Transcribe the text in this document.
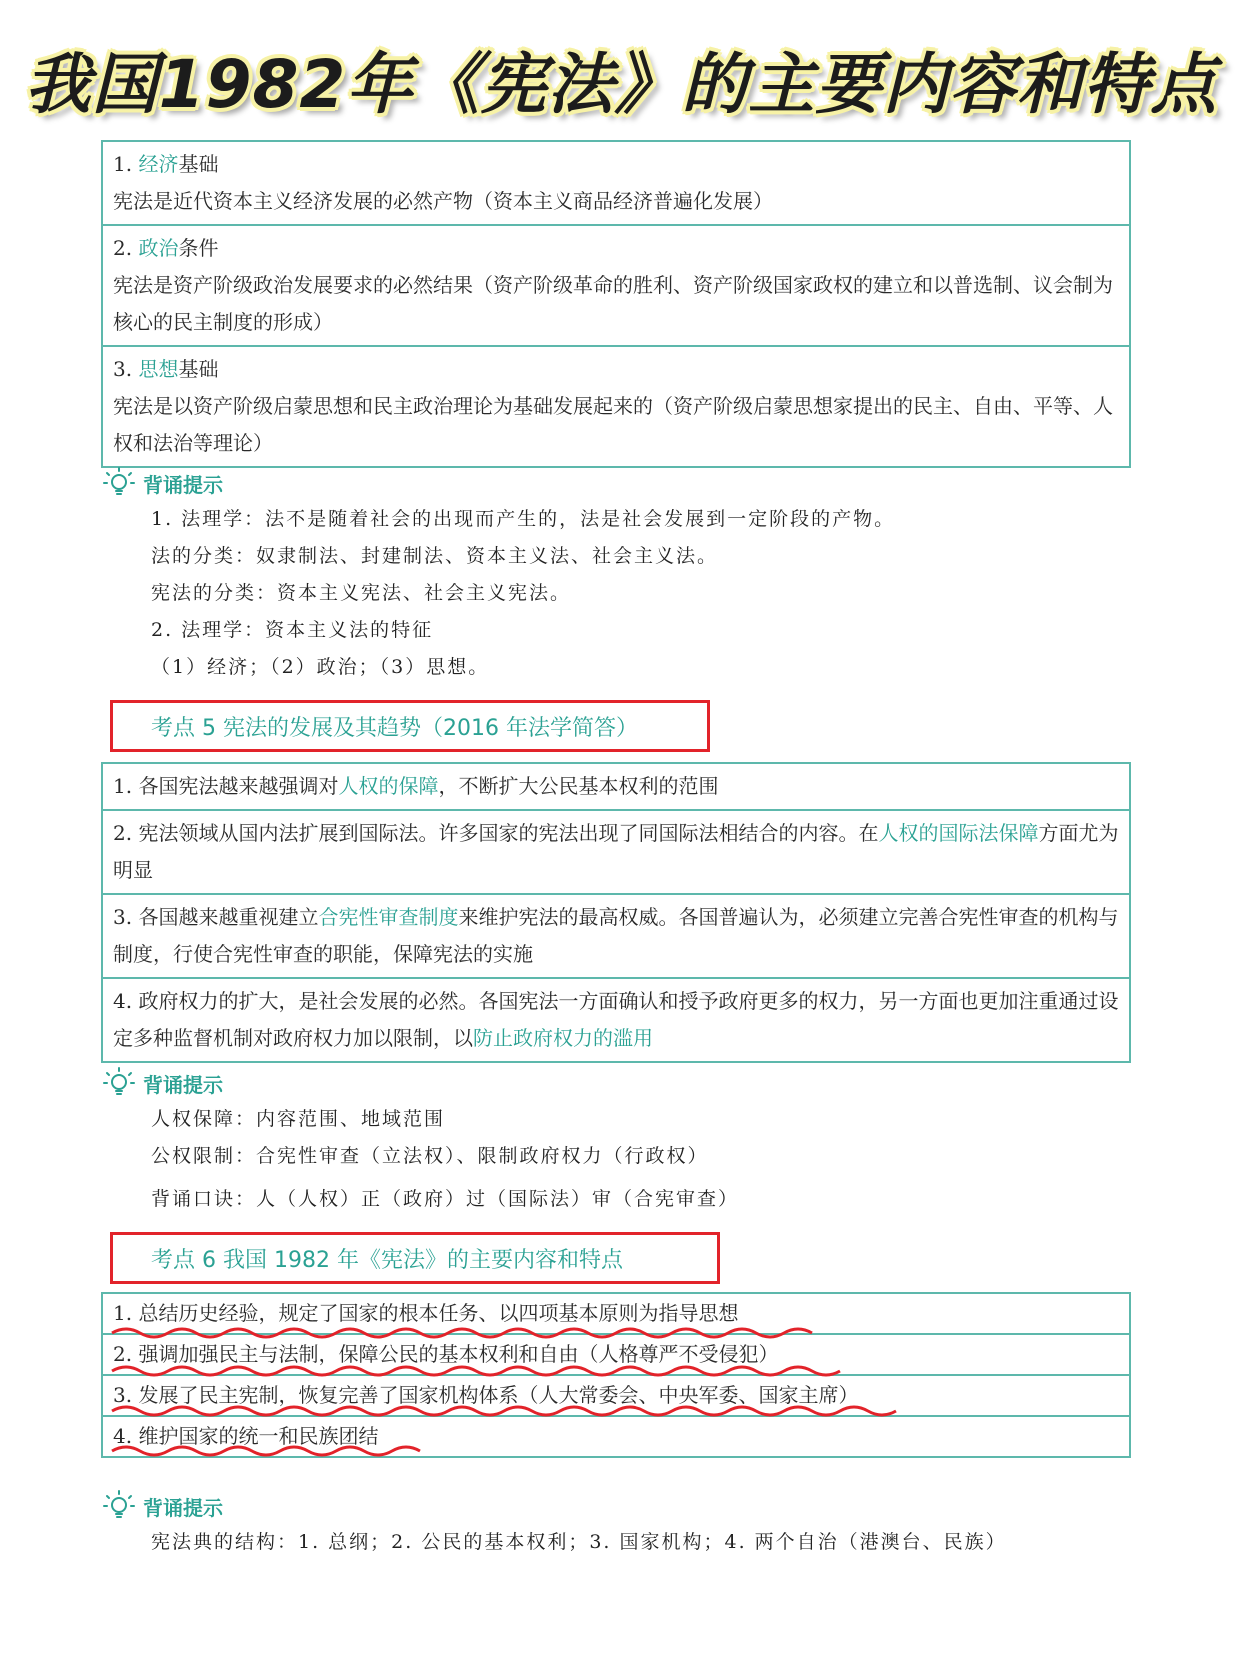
我国1982年《宪法》的主要内容和特点
1. 经济基础
宪法是近代资本主义经济发展的必然产物（资本主义商品经济普遍化发展）
2. 政治条件
宪法是资产阶级政治发展要求的必然结果（资产阶级革命的胜利、资产阶级国家政权的建立和以普选制、议会制为核心的民主制度的形成）
3. 思想基础
宪法是以资产阶级启蒙思想和民主政治理论为基础发展起来的（资产阶级启蒙思想家提出的民主、自由、平等、人权和法治等理论）
背诵提示
1. 法理学：法不是随着社会的出现而产生的，法是社会发展到一定阶段的产物。
法的分类：奴隶制法、封建制法、资本主义法、社会主义法。
宪法的分类：资本主义宪法、社会主义宪法。
2. 法理学：资本主义法的特征
（1）经济；（2）政治；（3）思想。
考点 5 宪法的发展及其趋势（2016 年法学简答）
1. 各国宪法越来越强调对人权的保障，不断扩大公民基本权利的范围
2. 宪法领域从国内法扩展到国际法。许多国家的宪法出现了同国际法相结合的内容。在人权的国际法保障方面尤为明显
3. 各国越来越重视建立合宪性审查制度来维护宪法的最高权威。各国普遍认为，必须建立完善合宪性审查的机构与制度，行使合宪性审查的职能，保障宪法的实施
4. 政府权力的扩大，是社会发展的必然。各国宪法一方面确认和授予政府更多的权力，另一方面也更加注重通过设定多种监督机制对政府权力加以限制，以防止政府权力的滥用
背诵提示
人权保障：内容范围、地域范围
公权限制：合宪性审查（立法权）、限制政府权力（行政权）
背诵口诀：人（人权）正（政府）过（国际法）审（合宪审查）
考点 6 我国 1982 年《宪法》的主要内容和特点
1. 总结历史经验，规定了国家的根本任务、以四项基本原则为指导思想
2. 强调加强民主与法制，保障公民的基本权利和自由（人格尊严不受侵犯）
3. 发展了民主宪制，恢复完善了国家机构体系（人大常委会、中央军委、国家主席）
4. 维护国家的统一和民族团结
背诵提示
宪法典的结构：1. 总纲；2. 公民的基本权利；3. 国家机构；4. 两个自治（港澳台、民族）
